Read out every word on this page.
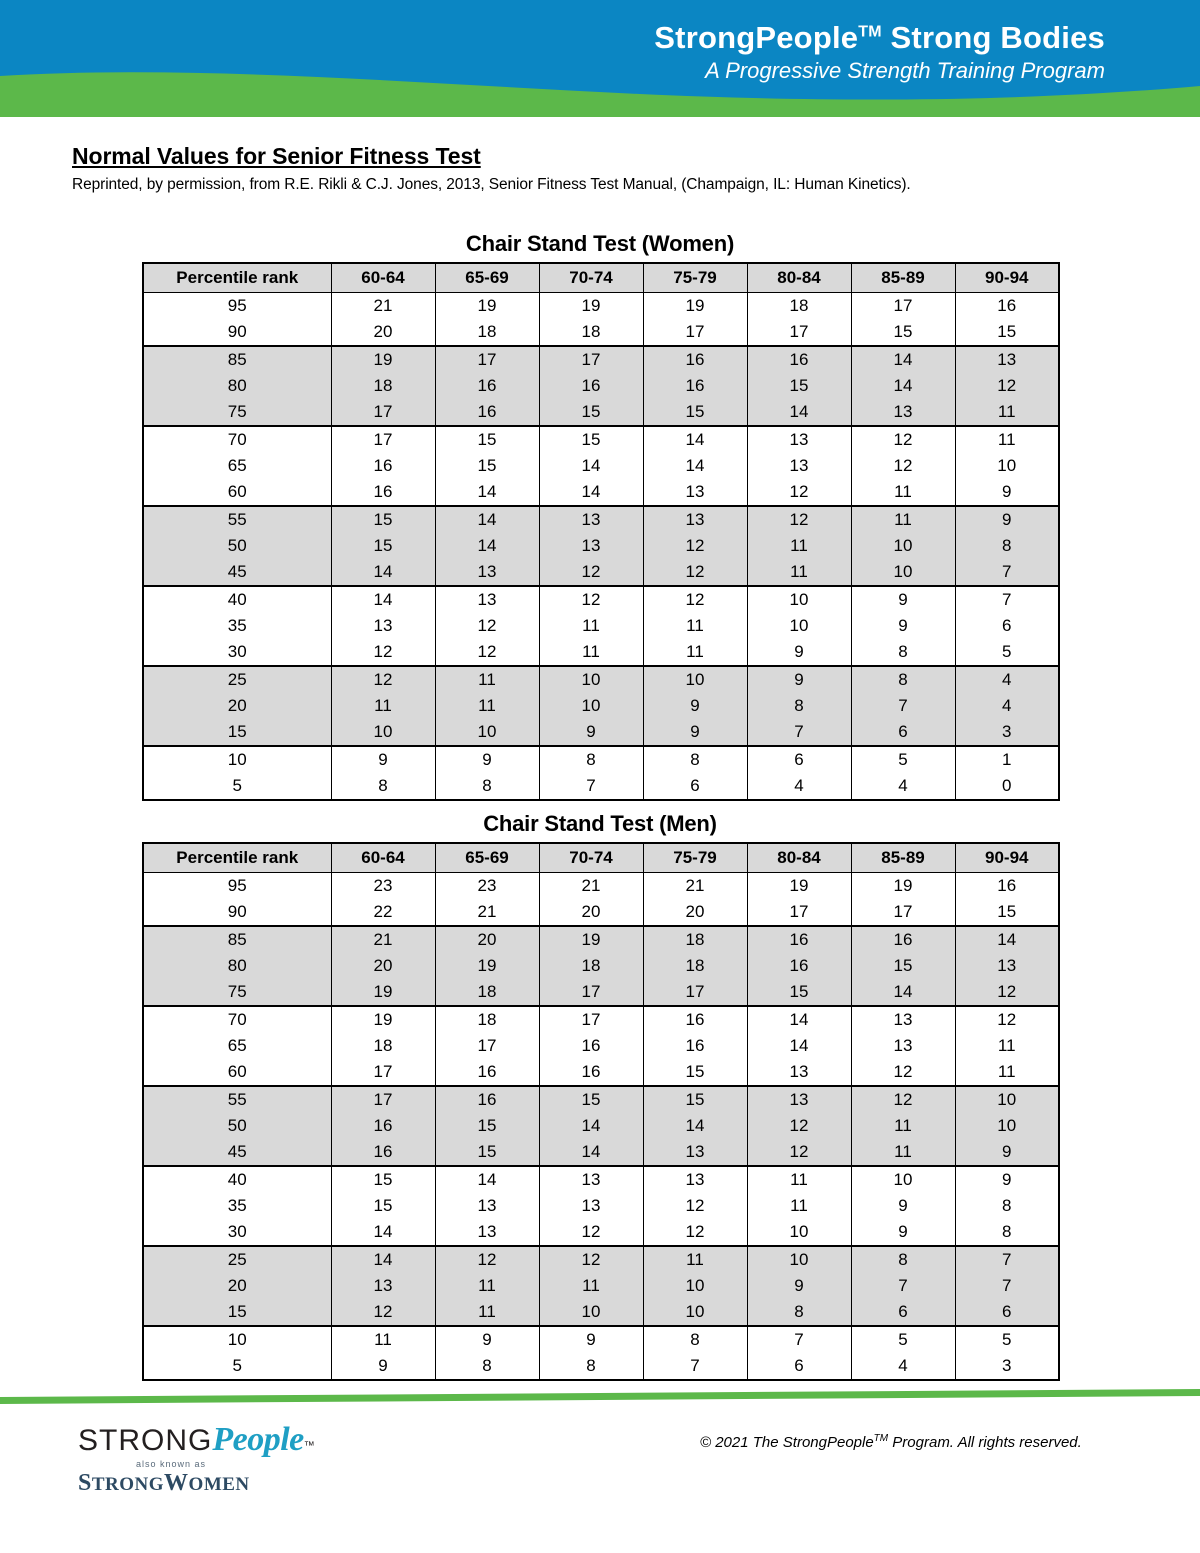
StrongPeople™ Strong Bodies
A Progressive Strength Training Program
Normal Values for Senior Fitness Test
Reprinted, by permission, from R.E. Rikli & C.J. Jones, 2013, Senior Fitness Test Manual, (Champaign, IL: Human Kinetics).
Chair Stand Test (Women)
Percentile rank	60-64	65-69	70-74	75-79	80-84	85-89	90-94
95	21	19	19	19	18	17	16
90	20	18	18	17	17	15	15
85	19	17	17	16	16	14	13
80	18	16	16	16	15	14	12
75	17	16	15	15	14	13	11
70	17	15	15	14	13	12	11
65	16	15	14	14	13	12	10
60	16	14	14	13	12	11	9
55	15	14	13	13	12	11	9
50	15	14	13	12	11	10	8
45	14	13	12	12	11	10	7
40	14	13	12	12	10	9	7
35	13	12	11	11	10	9	6
30	12	12	11	11	9	8	5
25	12	11	10	10	9	8	4
20	11	11	10	9	8	7	4
15	10	10	9	9	7	6	3
10	9	9	8	8	6	5	1
5	8	8	7	6	4	4	0
Chair Stand Test (Men)
Percentile rank	60-64	65-69	70-74	75-79	80-84	85-89	90-94
95	23	23	21	21	19	19	16
90	22	21	20	20	17	17	15
85	21	20	19	18	16	16	14
80	20	19	18	18	16	15	13
75	19	18	17	17	15	14	12
70	19	18	17	16	14	13	12
65	18	17	16	16	14	13	11
60	17	16	16	15	13	12	11
55	17	16	15	15	13	12	10
50	16	15	14	14	12	11	10
45	16	15	14	13	12	11	9
40	15	14	13	13	11	10	9
35	15	13	13	12	11	9	8
30	14	13	12	12	10	9	8
25	14	12	12	11	10	8	7
20	13	11	11	10	9	7	7
15	12	11	10	10	8	6	6
10	11	9	9	8	7	5	5
5	9	8	8	7	6	4	3
STRONGPeople™
also known as
STRONGWOMEN
© 2021 The StrongPeople™ Program. All rights reserved.
